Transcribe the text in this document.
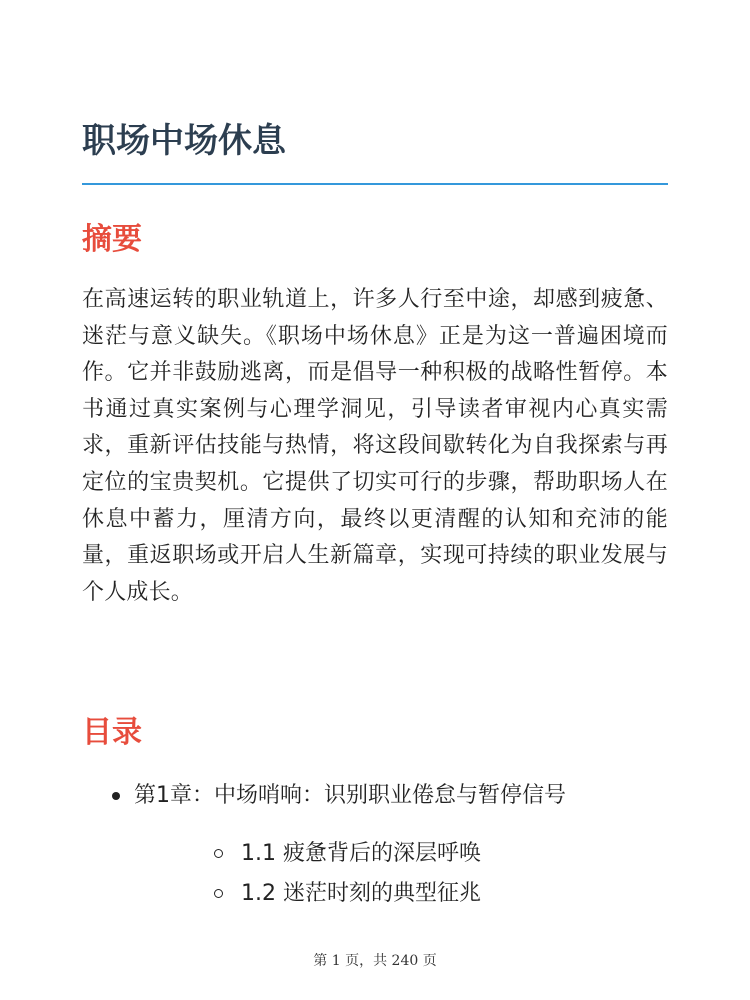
职场中场休息
摘要

在高速运转的职业轨道上，许多人行至中途，却感到疲惫、迷茫与意义缺失。《职场中场休息》正是为这一普遍困境而作。它并非鼓励逃离，而是倡导一种积极的战略性暂停。本书通过真实案例与心理学洞见，引导读者审视内心真实需求，重新评估技能与热情，将这段间歇转化为自我探索与再定位的宝贵契机。它提供了切实可行的步骤，帮助职场人在休息中蓄力，厘清方向，最终以更清醒的认知和充沛的能量，重返职场或开启人生新篇章，实现可持续的职业发展与个人成长。

目录
第1章：中场哨响：识别职业倦怠与暂停信号
1.1 疲惫背后的深层呼唤
1.2 迷茫时刻的典型征兆
第 1 页，共 240 页
